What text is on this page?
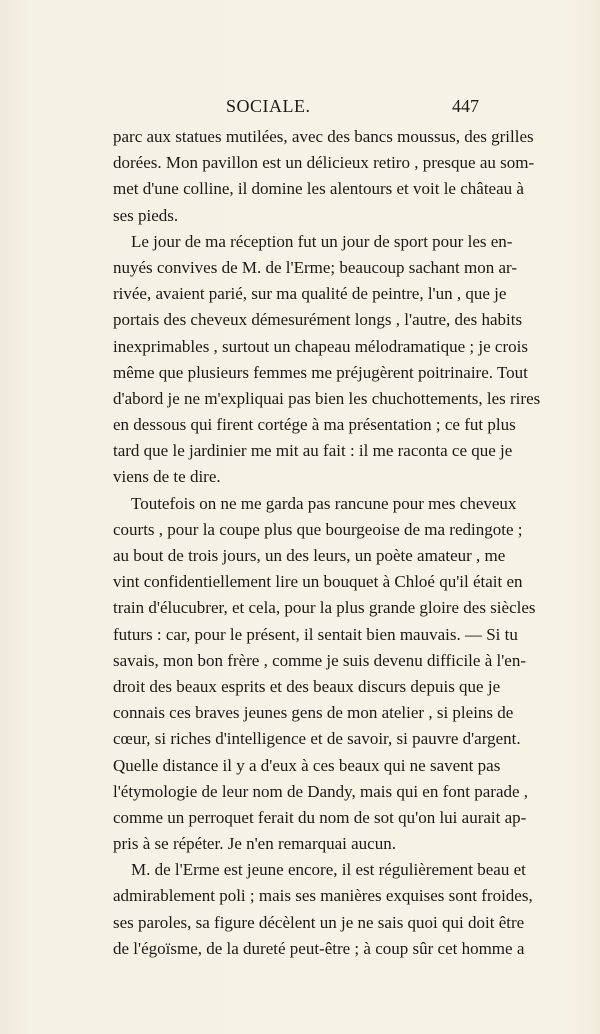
SOCIALE.	447
parc aux statues mutilées, avec des bancs moussus, des grilles
dorées. Mon pavillon est un délicieux retiro , presque au som-
met d'une colline, il domine les alentours et voit le château à
ses pieds.
Le jour de ma réception fut un jour de sport pour les en-
nuyés convives de M. de l'Erme; beaucoup sachant mon ar-
rivée, avaient parié, sur ma qualité de peintre, l'un , que je
portais des cheveux démesurément longs , l'autre, des habits
inexprimables , surtout un chapeau mélodramatique ; je crois
même que plusieurs femmes me préjugèrent poitrinaire. Tout
d'abord je ne m'expliquai pas bien les chuchottements, les rires
en dessous qui firent cortége à ma présentation ; ce fut plus
tard que le jardinier me mit au fait : il me raconta ce que je
viens de te dire.
Toutefois on ne me garda pas rancune pour mes cheveux
courts , pour la coupe plus que bourgeoise de ma redingote ;
au bout de trois jours, un des leurs, un poète amateur , me
vint confidentiellement lire un bouquet à Chloé qu'il était en
train d'élucubrer, et cela, pour la plus grande gloire des siècles
futurs : car, pour le présent, il sentait bien mauvais. — Si tu
savais, mon bon frère , comme je suis devenu difficile à l'en-
droit des beaux esprits et des beaux discurs depuis que je
connais ces braves jeunes gens de mon atelier , si pleins de
cœur, si riches d'intelligence et de savoir, si pauvre d'argent.
Quelle distance il y a d'eux à ces beaux qui ne savent pas
l'étymologie de leur nom de Dandy, mais qui en font parade ,
comme un perroquet ferait du nom de sot qu'on lui aurait ap-
pris à se répéter. Je n'en remarquai aucun.
M. de l'Erme est jeune encore, il est régulièrement beau et
admirablement poli ; mais ses manières exquises sont froides,
ses paroles, sa figure décèlent un je ne sais quoi qui doit être
de l'égoïsme, de la dureté peut-être ; à coup sûr cet homme a
